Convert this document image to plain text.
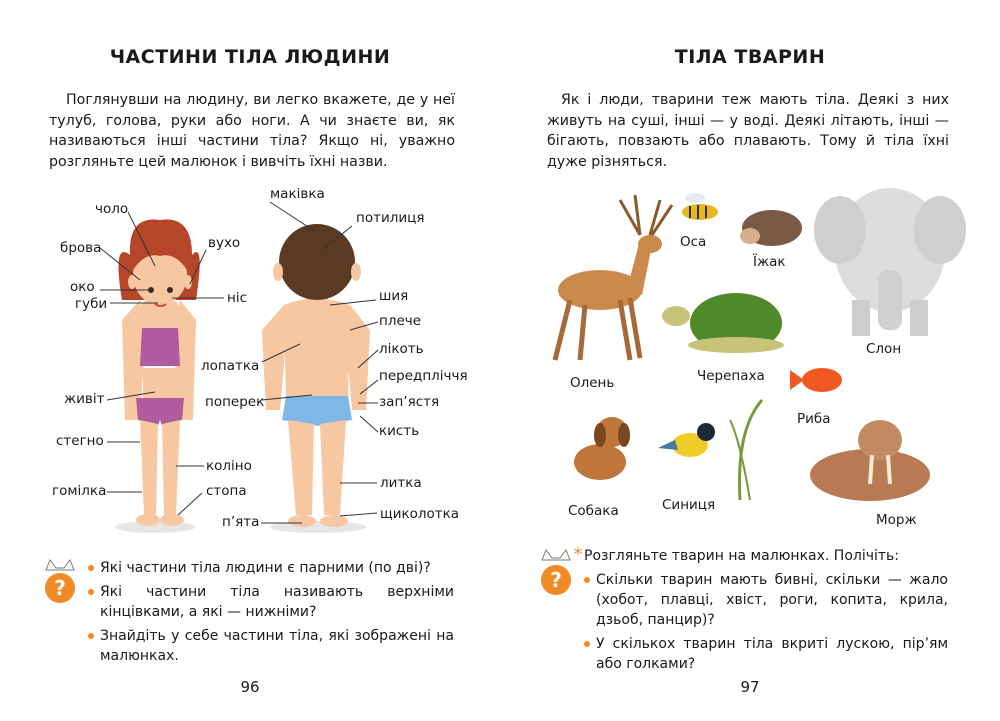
ЧАСТИНИ ТІЛА ЛЮДИНИ
Поглянувши на людину, ви легко вкажете, де у неї тулуб, голова, руки або ноги. А чи знаєте ви, як називаються інші частини тіла? Якщо ні, уважно розгляньте цей малюнок і вивчіть їхні назви.
чоло
брова	вухо
око
губи	ніс
живіт
стегно
коліно
гомілка	стопа
п’ята
маківка
потилиця
шия
плече
лопатка
лікоть
передпліччя
поперек	зап’ястя
кисть
литка
щиколотка
?
Які частини тіла людини є парними (по дві)?
Які частини тіла називають верхніми кінцівками, а які — нижніми?
Знайдіть у себе частини тіла, які зображені на малюнках.
96
ТІЛА ТВАРИН
Як і люди, тварини теж мають тіла. Деякі з них живуть на суші, інші — у воді. Деякі літають, інші — бігають, повзають або плавають. Тому й тіла їхні дуже різняться.
Олень
Оса
Їжак
Слон
Черепаха
Риба
Собака	Синиця
Морж
?
* Розгляньте тварин на малюнках. Полічіть:
Скільки тварин мають бивні, скільки — жало (хобот, плавці, хвіст, роги, копита, крила, дзьоб, панцир)?
У скількох тварин тіла вкриті лускою, пір’ям або голками?
97
